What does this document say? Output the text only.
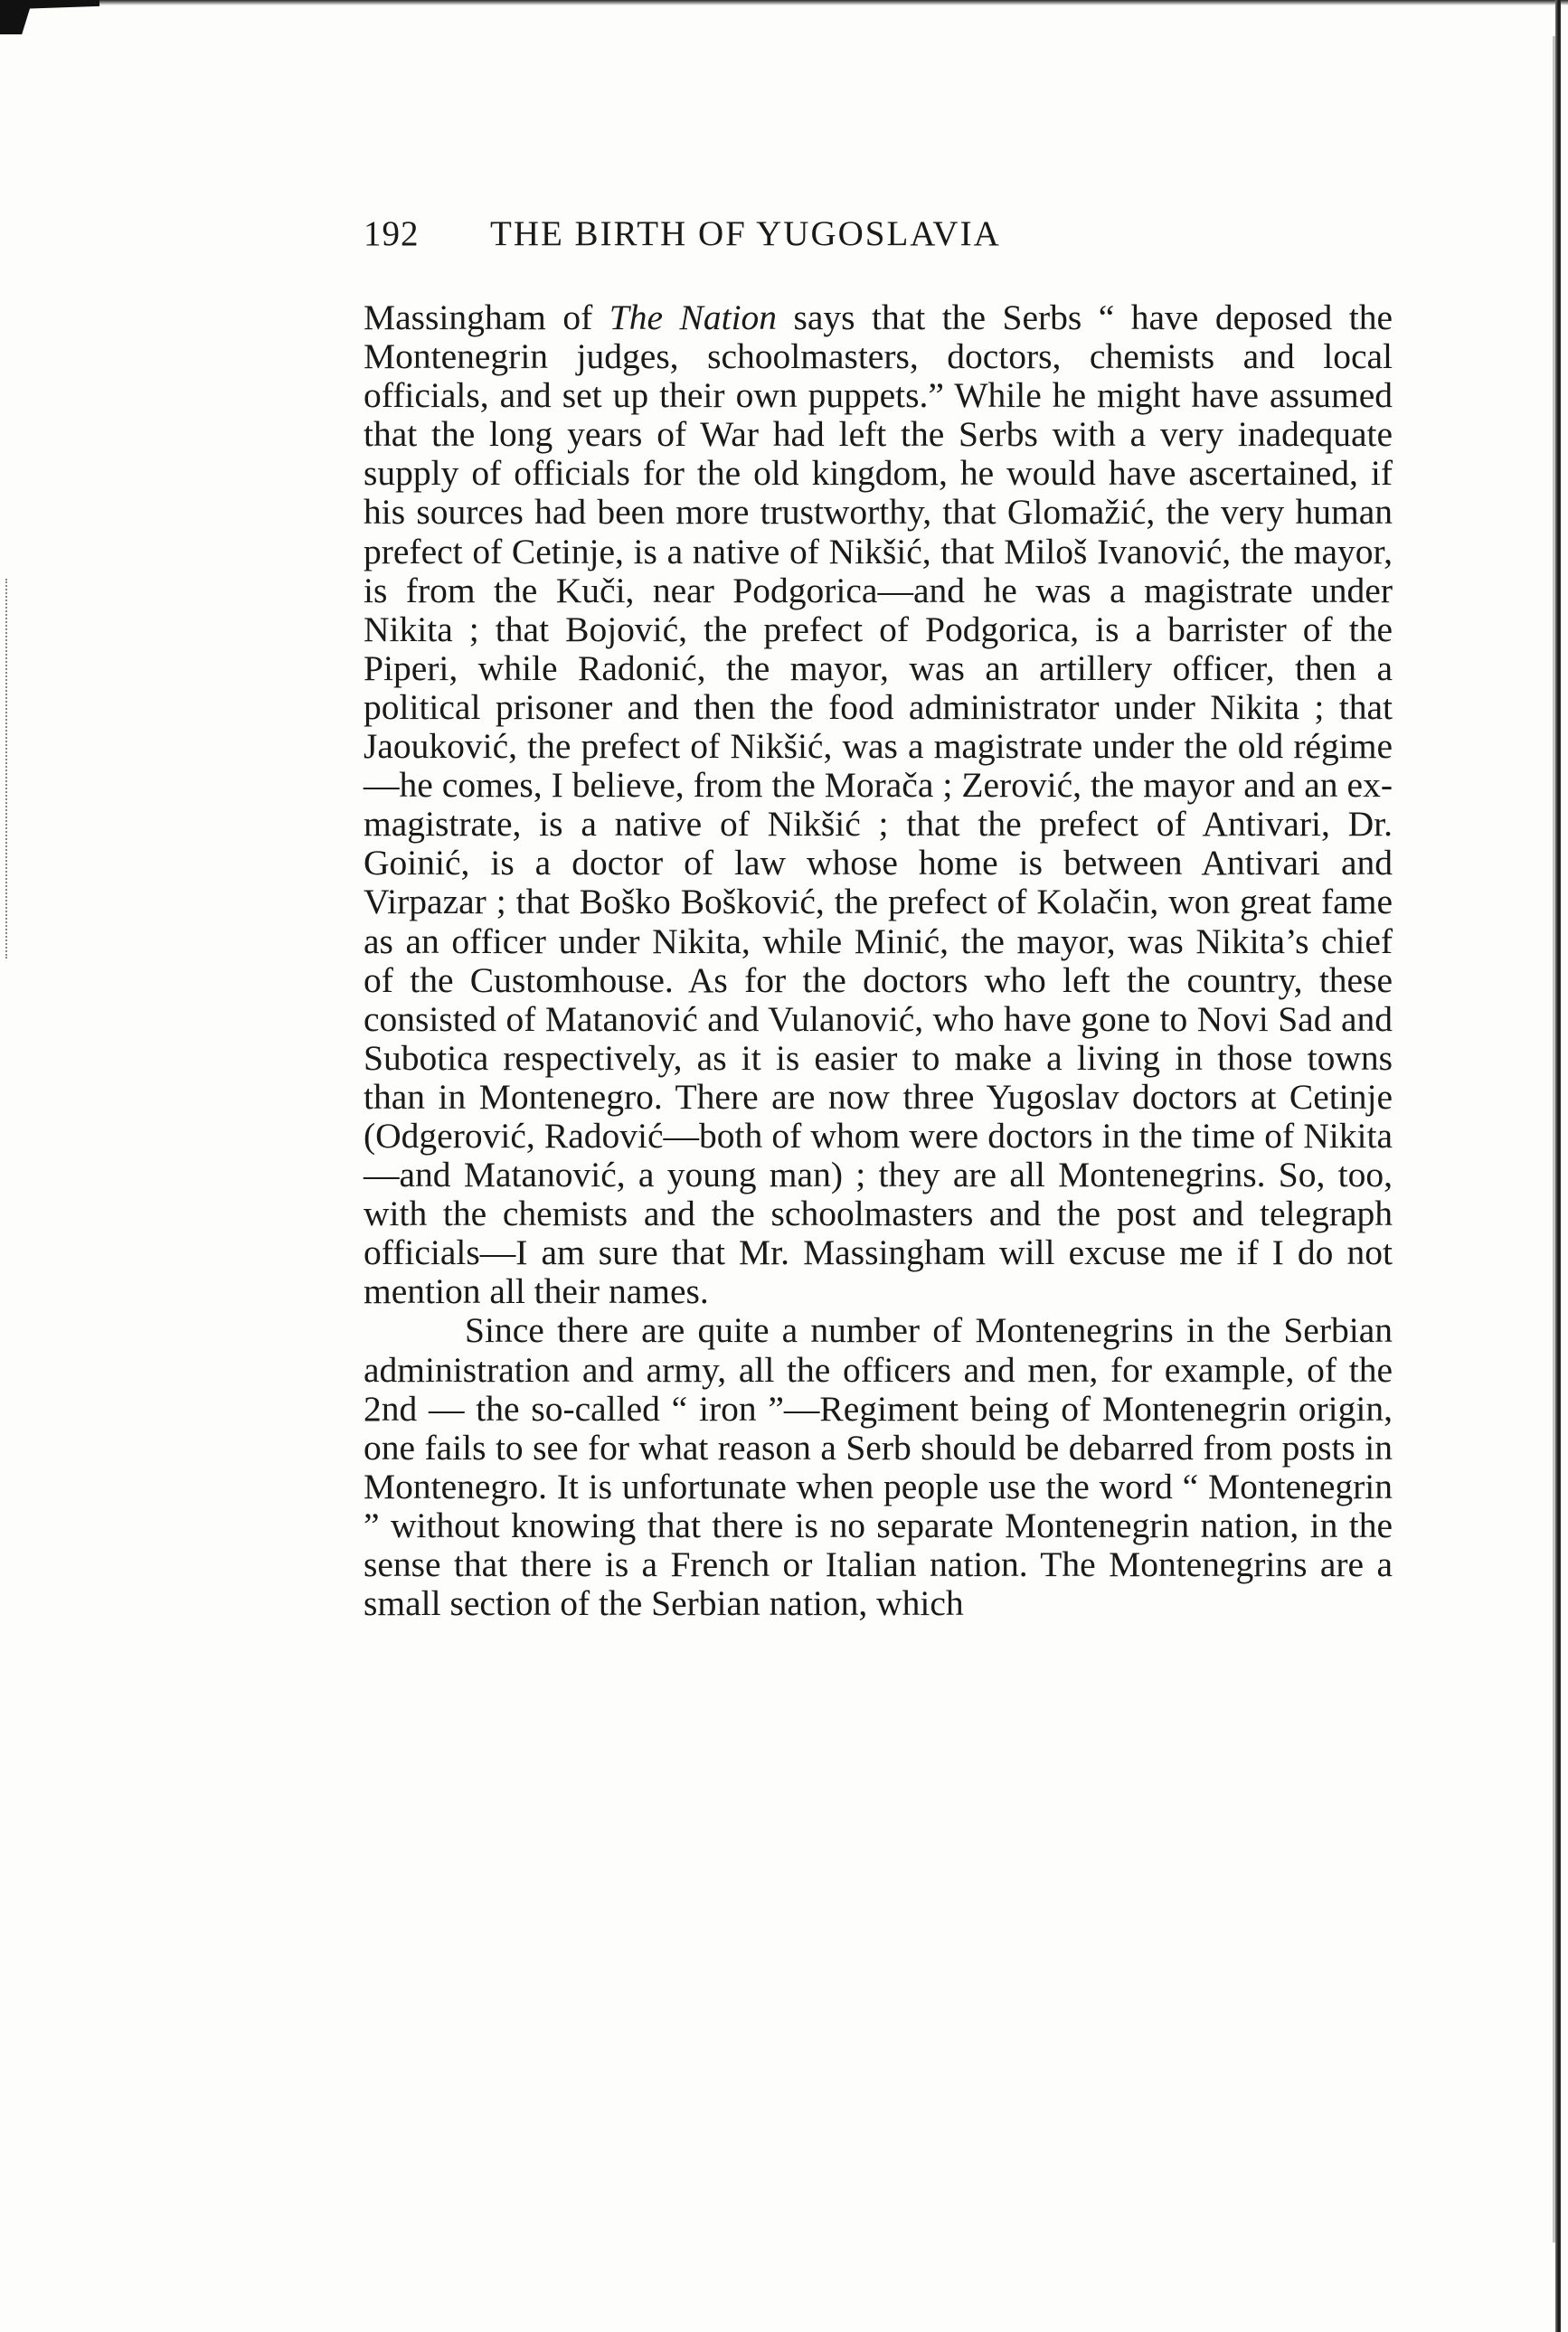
192 THE BIRTH OF YUGOSLAVIA

Massingham of The Nation says that the Serbs “ have deposed the Montenegrin judges, schoolmasters, doctors, chemists and local officials, and set up their own puppets.” While he might have assumed that the long years of War had left the Serbs with a very inadequate supply of officials for the old kingdom, he would have ascertained, if his sources had been more trustworthy, that Glomažić, the very human prefect of Cetinje, is a native of Nikšić, that Miloš Ivanović, the mayor, is from the Kuči, near Podgorica—and he was a magistrate under Nikita ; that Bojović, the prefect of Podgorica, is a barrister of the Piperi, while Radonić, the mayor, was an artillery officer, then a political prisoner and then the food administrator under Nikita ; that Jaouković, the prefect of Nikšić, was a magistrate under the old régime—he comes, I believe, from the Morača ; Zerović, the mayor and an ex-magistrate, is a native of Nikšić ; that the prefect of Antivari, Dr. Goinić, is a doctor of law whose home is between Antivari and Virpazar ; that Boško Bošković, the prefect of Kolačin, won great fame as an officer under Nikita, while Minić, the mayor, was Nikita’s chief of the Customhouse. As for the doctors who left the country, these consisted of Matanović and Vulanović, who have gone to Novi Sad and Subotica respectively, as it is easier to make a living in those towns than in Montenegro. There are now three Yugoslav doctors at Cetinje (Odgerović, Radović—both of whom were doctors in the time of Nikita—and Matanović, a young man) ; they are all Montenegrins. So, too, with the chemists and the schoolmasters and the post and telegraph officials—I am sure that Mr. Massingham will excuse me if I do not mention all their names.

Since there are quite a number of Montenegrins in the Serbian administration and army, all the officers and men, for example, of the 2nd — the so-called “ iron ”—Regiment being of Montenegrin origin, one fails to see for what reason a Serb should be debarred from posts in Montenegro. It is unfortunate when people use the word “ Montenegrin ” without knowing that there is no separate Montenegrin nation, in the sense that there is a French or Italian nation. The Montenegrins are a small section of the Serbian nation, which
